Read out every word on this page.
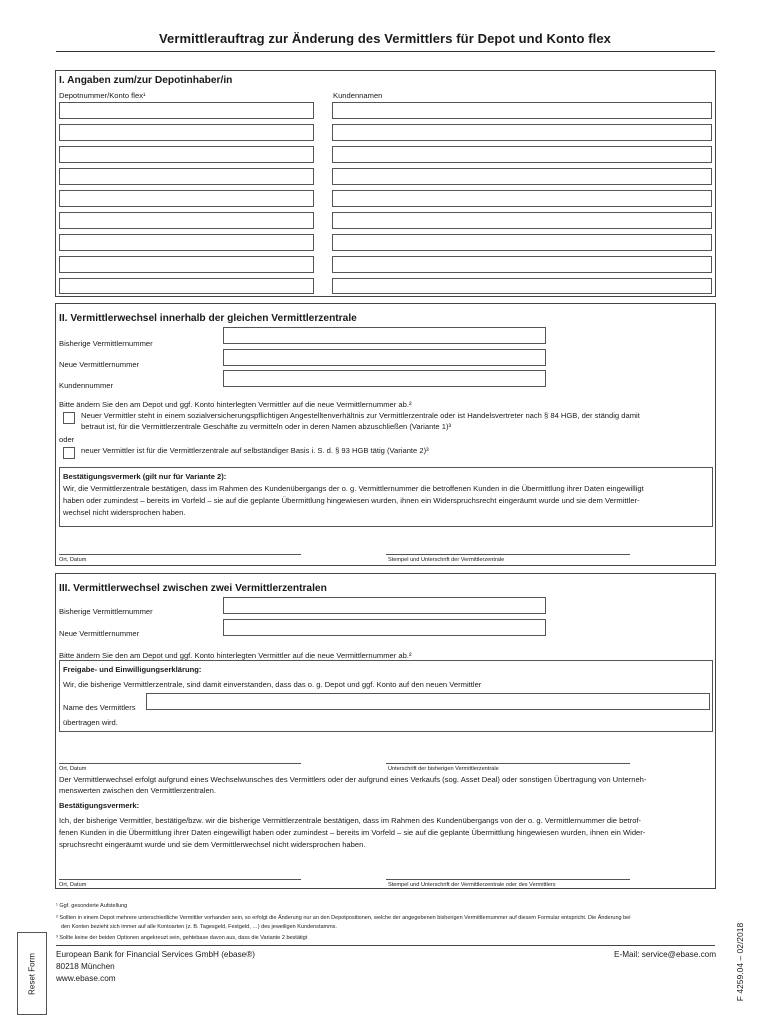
Vermittlerauftrag zur Änderung des Vermittlers für Depot und Konto flex
I. Angaben zum/zur Depotinhaber/in
Depotnummer/Konto flex¹	Kundennamen
II. Vermittlerwechsel innerhalb der gleichen Vermittlerzentrale
Bisherige Vermittlernummer
Neue Vermittlernummer
Kundennummer
Bitte ändern Sie den am Depot und ggf. Konto hinterlegten Vermittler auf die neue Vermittlernummer ab.²
Neuer Vermittler steht in einem sozialversicherungspflichtigen Angestelltenverhältnis zur Vermittlerzentrale oder ist Handelsvertreter nach § 84 HGB, der ständig damit
betraut ist, für die Vermittlerzentrale Geschäfte zu vermitteln oder in deren Namen abzuschließen (Variante 1)³
oder
neuer Vermittler ist für die Vermittlerzentrale auf selbständiger Basis i. S. d. § 93 HGB tätig (Variante 2)³
Bestätigungsvermerk (gilt nur für Variante 2):
Wir, die Vermittlerzentrale bestätigen, dass im Rahmen des Kundenübergangs der o. g. Vermittlernummer die betroffenen Kunden in die Übermittlung ihrer Daten eingewilligt
haben oder zumindest – bereits im Vorfeld – sie auf die geplante Übermittlung hingewiesen wurden, ihnen ein Widerspruchsrecht eingeräumt wurde und sie dem Vermittler-
wechsel nicht widersprochen haben.
Ort, Datum	Stempel und Unterschrift der Vermittlerzentrale
III. Vermittlerwechsel zwischen zwei Vermittlerzentralen
Bisherige Vermittlernummer
Neue Vermittlernummer
Bitte ändern Sie den am Depot und ggf. Konto hinterlegten Vermittler auf die neue Vermittlernummer ab.²
Freigabe- und Einwilligungserklärung:
Wir, die bisherige Vermittlerzentrale, sind damit einverstanden, dass das o. g. Depot und ggf. Konto auf den neuen Vermittler
Name des Vermittlers
übertragen wird.
Ort, Datum	Unterschrift der bisherigen Vermittlerzentrale
Der Vermittlerwechsel erfolgt aufgrund eines Wechselwunsches des Vermittlers oder der aufgrund eines Verkaufs (sog. Asset Deal) oder sonstigen Übertragung von Unterneh-
menswerten zwischen den Vermittlerzentralen.
Bestätigungsvermerk:
Ich, der bisherige Vermittler, bestätige/bzw. wir die bisherige Vermittlerzentrale bestätigen, dass im Rahmen des Kundenübergangs von der o. g. Vermittlernummer die betrof-
fenen Kunden in die Übermittlung ihrer Daten eingewilligt haben oder zumindest – bereits im Vorfeld – sie auf die geplante Übermittlung hingewiesen wurden, ihnen ein Wider-
spruchsrecht eingeräumt wurde und sie dem Vermittlerwechsel nicht widersprochen haben.
Ort, Datum	Stempel und Unterschrift der Vermittlerzentrale oder des Vermittlers
¹ Ggf. gesonderte Aufstellung
² Sollten in einem Depot mehrere unterschiedliche Vermittler vorhanden sein, so erfolgt die Änderung nur an den Depotpositionen, welche der angegebenen bisherigen Vermittlernummer auf diesem Formular entspricht. Die Änderung bei
den Konten bezieht sich immer auf alle Kontoarten (z. B. Tagesgeld, Festgeld, …) des jeweiligen Kundenstamms.
³ Sollte keine der beiden Optionen angekreuzt sein, gehtebase davon aus, dass die Variante 2 bestätigt
European Bank for Financial Services GmbH (ebase®)
80218 München
www.ebase.com
E-Mail: service@ebase.com F 4259.04 – 02/2018
Reset Form
